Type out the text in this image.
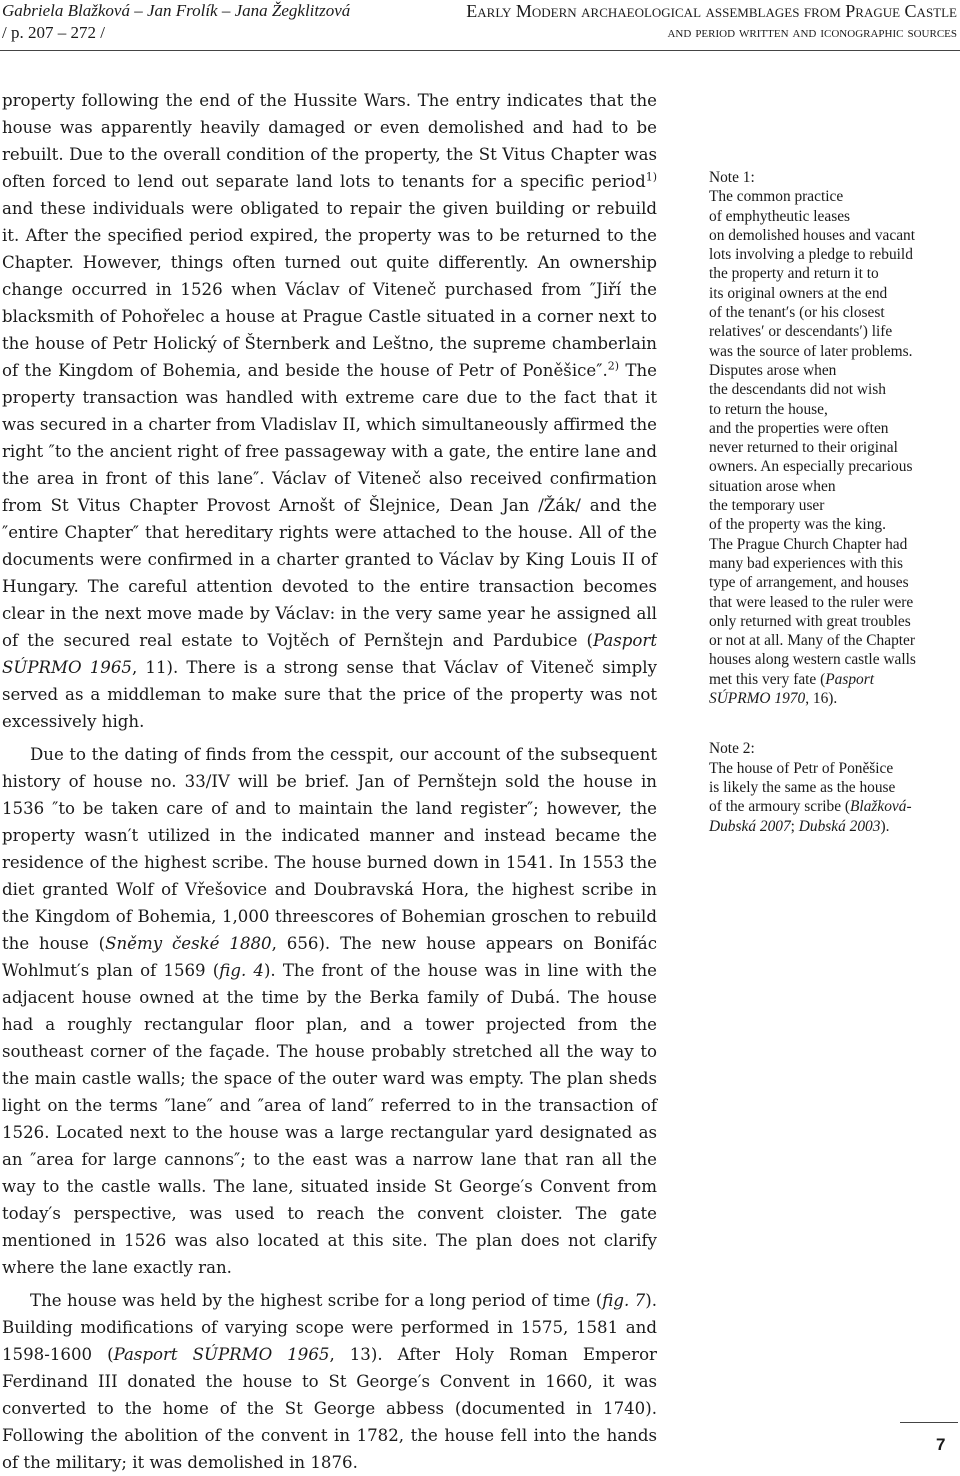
Gabriela Blažková – Jan Frolík – Jana Žegklitzová
/ p. 207 – 272 /
Early Modern archaeological assemblages from Prague Castle
and period written and iconographic sources

property following the end of the Hussite Wars. The entry indicates that the house was apparently heavily damaged or even demolished and had to be rebuilt. Due to the overall condition of the property, the St Vitus Chapter was often forced to lend out separate land lots to tenants for a specific period$^{1)}$ and these individuals were obligated to repair the given building or rebuild it. After the specified period expired, the property was to be returned to the Chapter. However, things often turned out quite differently. An ownership change occurred in 1526 when Václav of Viteneč purchased from ″Jiří the blacksmith of Pohořelec a house at Prague Castle situated in a corner next to the house of Petr Holický of Šternberk and Leštno, the supreme chamberlain of the Kingdom of Bohemia, and beside the house of Petr of Poněšice″.$^{2)}$ The property transaction was handled with extreme care due to the fact that it was secured in a charter from Vladislav II, which simultaneously affirmed the right ″to the ancient right of free passageway with a gate, the entire lane and the area in front of this lane″. Václav of Viteneč also received confirmation from St Vitus Chapter Provost Arnošt of Šlejnice, Dean Jan /Žák/ and the ″entire Chapter″ that hereditary rights were attached to the house. All of the documents were confirmed in a charter granted to Václav by King Louis II of Hungary. The careful attention devoted to the entire transaction becomes clear in the next move made by Václav: in the very same year he assigned all of the secured real estate to Vojtěch of Pernštejn and Pardubice (Pasport SÚPRMO 1965, 11). There is a strong sense that Václav of Viteneč simply served as a middleman to make sure that the price of the property was not excessively high.

Due to the dating of finds from the cesspit, our account of the subsequent history of house no. 33/IV will be brief. Jan of Pernštejn sold the house in 1536 ″to be taken care of and to maintain the land register″; however, the property wasn′t utilized in the indicated manner and instead became the residence of the highest scribe. The house burned down in 1541. In 1553 the diet granted Wolf of Vřešovice and Doubravská Hora, the highest scribe in the Kingdom of Bohemia, 1,000 threescores of Bohemian groschen to rebuild the house (Sněmy české 1880, 656). The new house appears on Bonifác Wohlmut′s plan of 1569 (fig. 4). The front of the house was in line with the adjacent house owned at the time by the Berka family of Dubá. The house had a roughly rectangular floor plan, and a tower projected from the southeast corner of the façade. The house probably stretched all the way to the main castle walls; the space of the outer ward was empty. The plan sheds light on the terms ″lane″ and ″area of land″ referred to in the transaction of 1526. Located next to the house was a large rectangular yard designated as an ″area for large cannons″; to the east was a narrow lane that ran all the way to the castle walls. The lane, situated inside St George′s Convent from today′s perspective, was used to reach the convent cloister. The gate mentioned in 1526 was also located at this site. The plan does not clarify where the lane exactly ran.

The house was held by the highest scribe for a long period of time (fig. 7). Building modifications of varying scope were performed in 1575, 1581 and 1598-1600 (Pasport SÚPRMO 1965, 13). After Holy Roman Emperor Ferdinand III donated the house to St George′s Convent in 1660, it was converted to the home of the St George abbess (documented in 1740). Following the abolition of the convent in 1782, the house fell into the hands of the military; it was demolished in 1876.

Note 1:
The common practice
of emphytheutic leases
on demolished houses and vacant
lots involving a pledge to rebuild
the property and return it to
its original owners at the end
of the tenant′s (or his closest
relatives′ or descendants′) life
was the source of later problems.
Disputes arose when
the descendants did not wish
to return the house,
and the properties were often
never returned to their original
owners. An especially precarious
situation arose when
the temporary user
of the property was the king.
The Prague Church Chapter had
many bad experiences with this
type of arrangement, and houses
that were leased to the ruler were
only returned with great troubles
or not at all. Many of the Chapter
houses along western castle walls
met this very fate (Pasport
SÚPRMO 1970, 16).
Note 2:
The house of Petr of Poněšice
is likely the same as the house
of the armoury scribe (Blažková-
Dubská 2007; Dubská 2003).
7
